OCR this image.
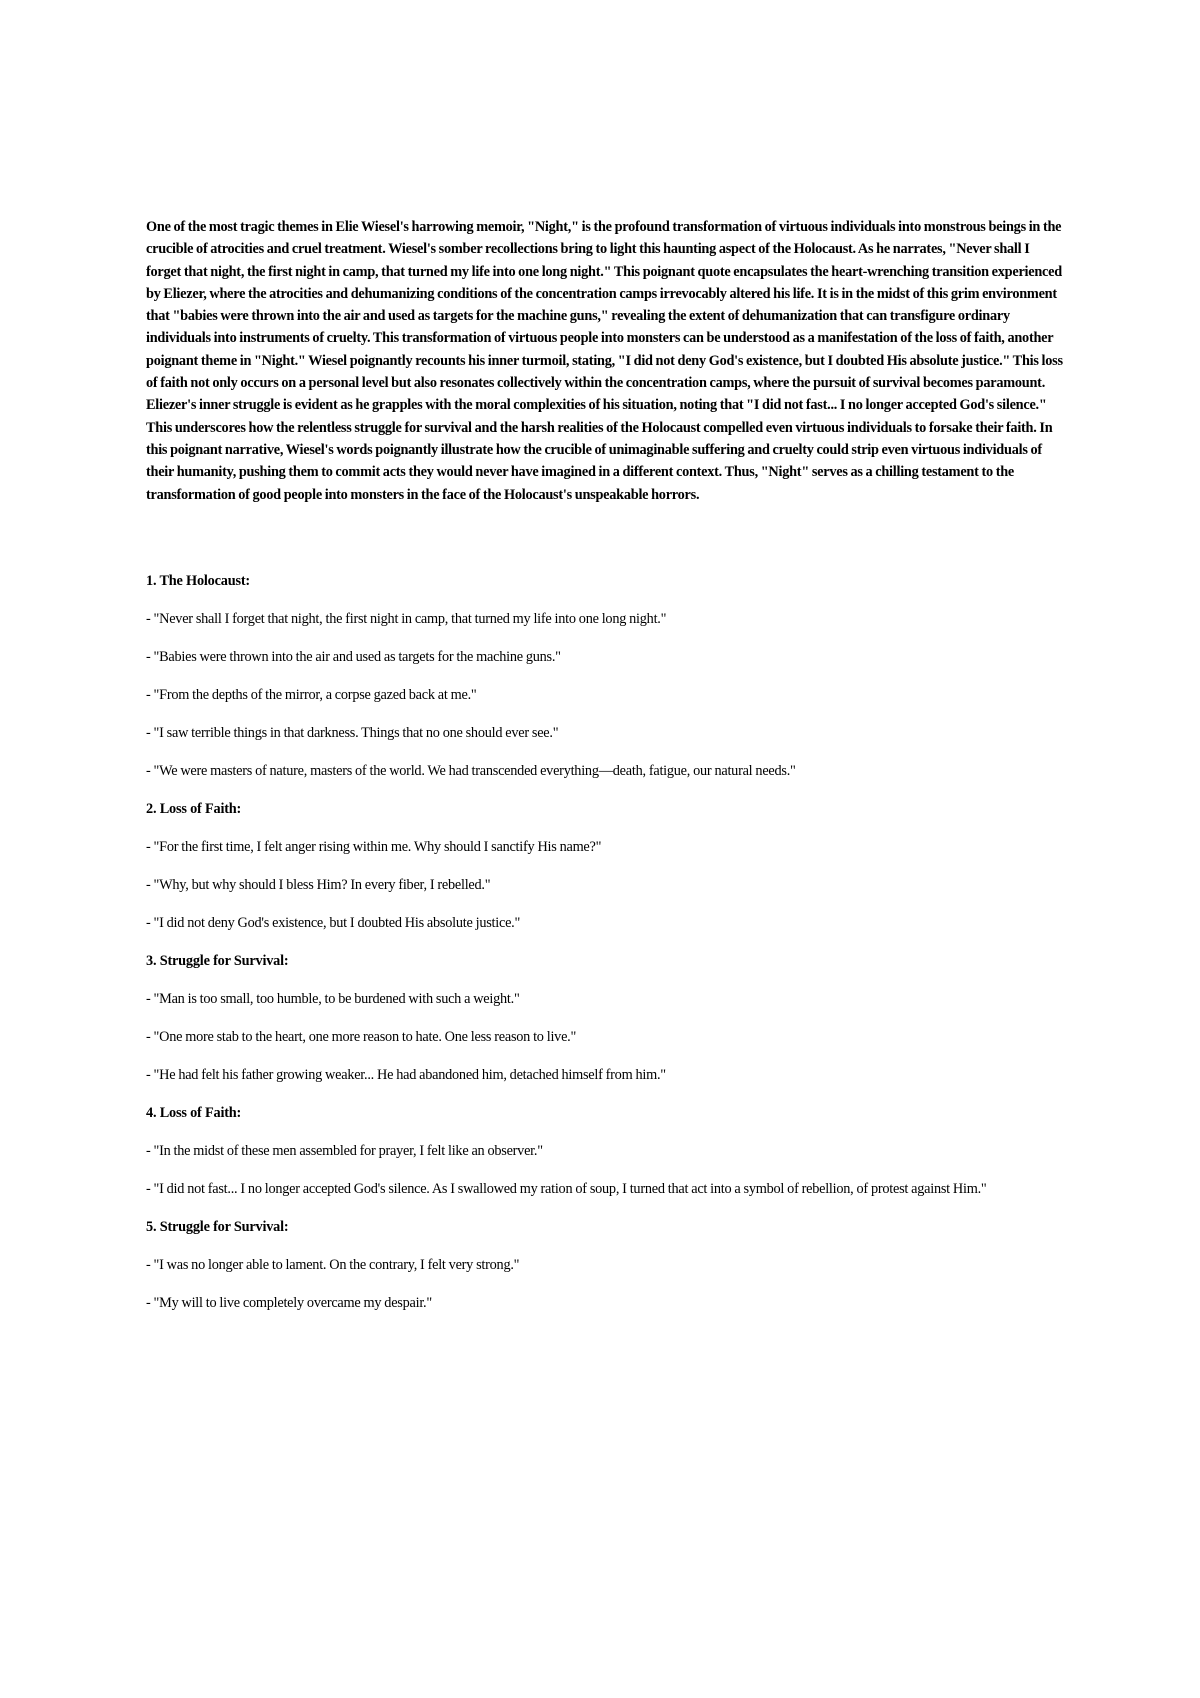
One of the most tragic themes in Elie Wiesel's harrowing memoir, "Night," is the profound transformation of virtuous individuals into monstrous beings in the crucible of atrocities and cruel treatment. Wiesel's somber recollections bring to light this haunting aspect of the Holocaust. As he narrates, "Never shall I forget that night, the first night in camp, that turned my life into one long night." This poignant quote encapsulates the heart-wrenching transition experienced by Eliezer, where the atrocities and dehumanizing conditions of the concentration camps irrevocably altered his life. It is in the midst of this grim environment that "babies were thrown into the air and used as targets for the machine guns," revealing the extent of dehumanization that can transfigure ordinary individuals into instruments of cruelty. This transformation of virtuous people into monsters can be understood as a manifestation of the loss of faith, another poignant theme in "Night." Wiesel poignantly recounts his inner turmoil, stating, "I did not deny God's existence, but I doubted His absolute justice." This loss of faith not only occurs on a personal level but also resonates collectively within the concentration camps, where the pursuit of survival becomes paramount. Eliezer's inner struggle is evident as he grapples with the moral complexities of his situation, noting that "I did not fast... I no longer accepted God's silence." This underscores how the relentless struggle for survival and the harsh realities of the Holocaust compelled even virtuous individuals to forsake their faith. In this poignant narrative, Wiesel's words poignantly illustrate how the crucible of unimaginable suffering and cruelty could strip even virtuous individuals of their humanity, pushing them to commit acts they would never have imagined in a different context. Thus, "Night" serves as a chilling testament to the transformation of good people into monsters in the face of the Holocaust's unspeakable horrors.

1. The Holocaust:

- "Never shall I forget that night, the first night in camp, that turned my life into one long night."

- "Babies were thrown into the air and used as targets for the machine guns."

- "From the depths of the mirror, a corpse gazed back at me."

- "I saw terrible things in that darkness. Things that no one should ever see."

- "We were masters of nature, masters of the world. We had transcended everything—death, fatigue, our natural needs."

2. Loss of Faith:

- "For the first time, I felt anger rising within me. Why should I sanctify His name?"

- "Why, but why should I bless Him? In every fiber, I rebelled."

- "I did not deny God's existence, but I doubted His absolute justice."

3. Struggle for Survival:

- "Man is too small, too humble, to be burdened with such a weight."

- "One more stab to the heart, one more reason to hate. One less reason to live."

- "He had felt his father growing weaker... He had abandoned him, detached himself from him."

4. Loss of Faith:

- "In the midst of these men assembled for prayer, I felt like an observer."

- "I did not fast... I no longer accepted God's silence. As I swallowed my ration of soup, I turned that act into a symbol of rebellion, of protest against Him."

5. Struggle for Survival:

- "I was no longer able to lament. On the contrary, I felt very strong."

- "My will to live completely overcame my despair."
